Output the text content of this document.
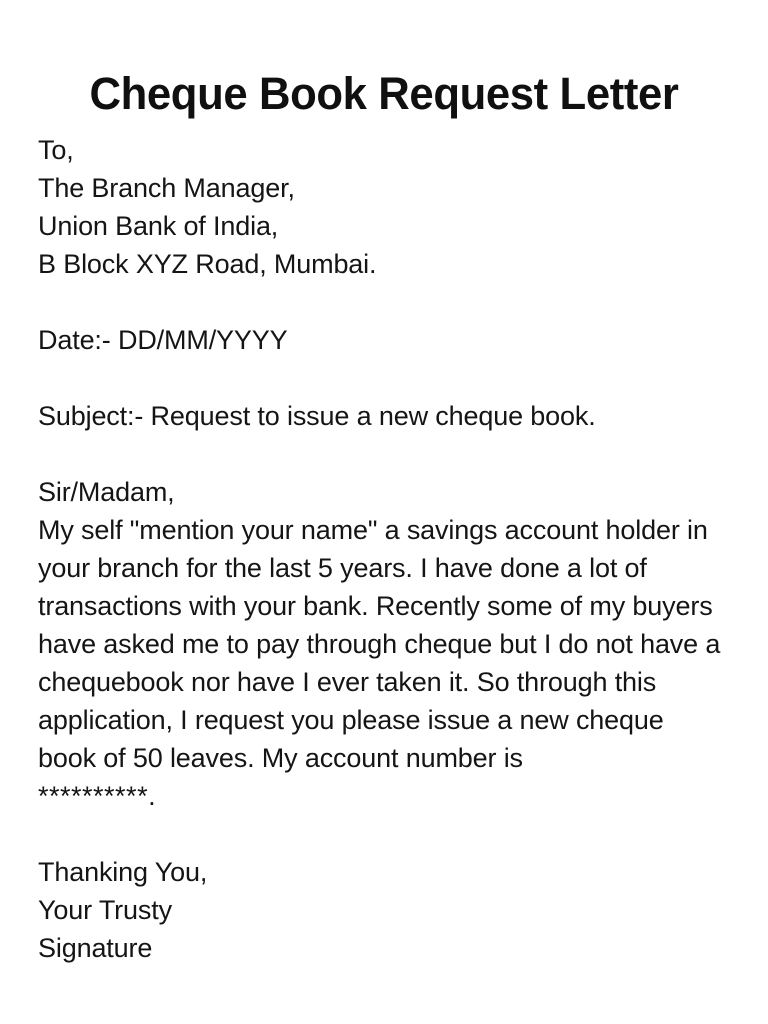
Cheque Book Request Letter
To,
The Branch Manager,
Union Bank of India,
B Block XYZ Road, Mumbai.
Date:- DD/MM/YYYY
Subject:- Request to issue a new cheque book.
Sir/Madam,

My self "mention your name" a savings account holder in your branch for the last 5 years. I have done a lot of transactions with your bank. Recently some of my buyers have asked me to pay through cheque but I do not have a chequebook nor have I ever taken it. So through this application, I request you please issue a new cheque book of 50 leaves. My account number is

**********.
Thanking You,
Your Trusty
Signature
